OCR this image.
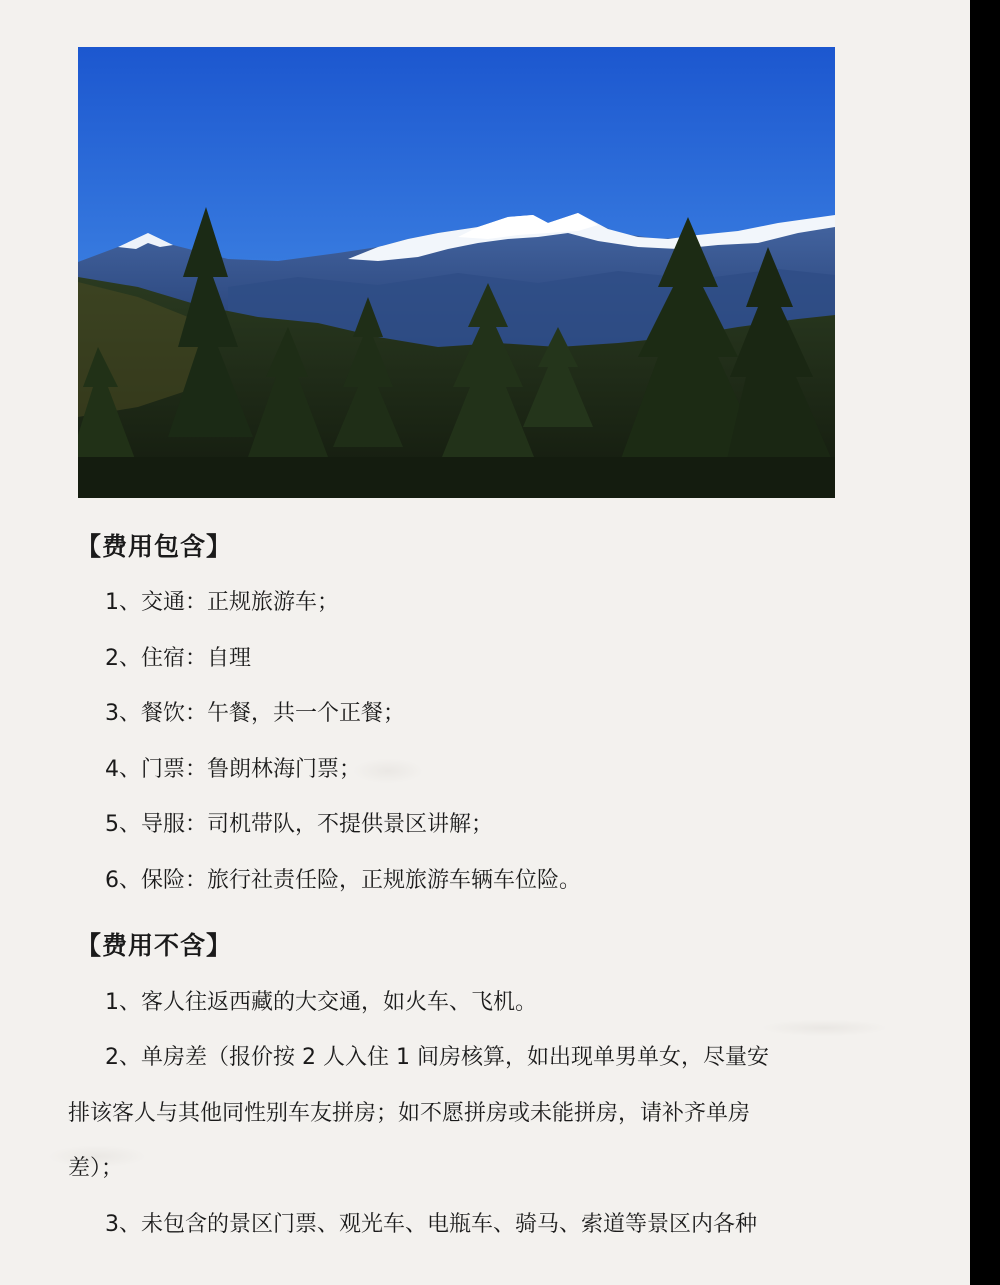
【费用包含】
1、交通：正规旅游车；
2、住宿：自理
3、餐饮：午餐，共一个正餐；
4、门票：鲁朗林海门票；
5、导服：司机带队，不提供景区讲解；
6、保险：旅行社责任险，正规旅游车辆车位险。
【费用不含】
1、客人往返西藏的大交通，如火车、飞机。
2、单房差（报价按 2 人入住 1 间房核算，如出现单男单女，尽量安
排该客人与其他同性别车友拼房；如不愿拼房或未能拼房，请补齐单房
差）；
3、未包含的景区门票、观光车、电瓶车、骑马、索道等景区内各种
